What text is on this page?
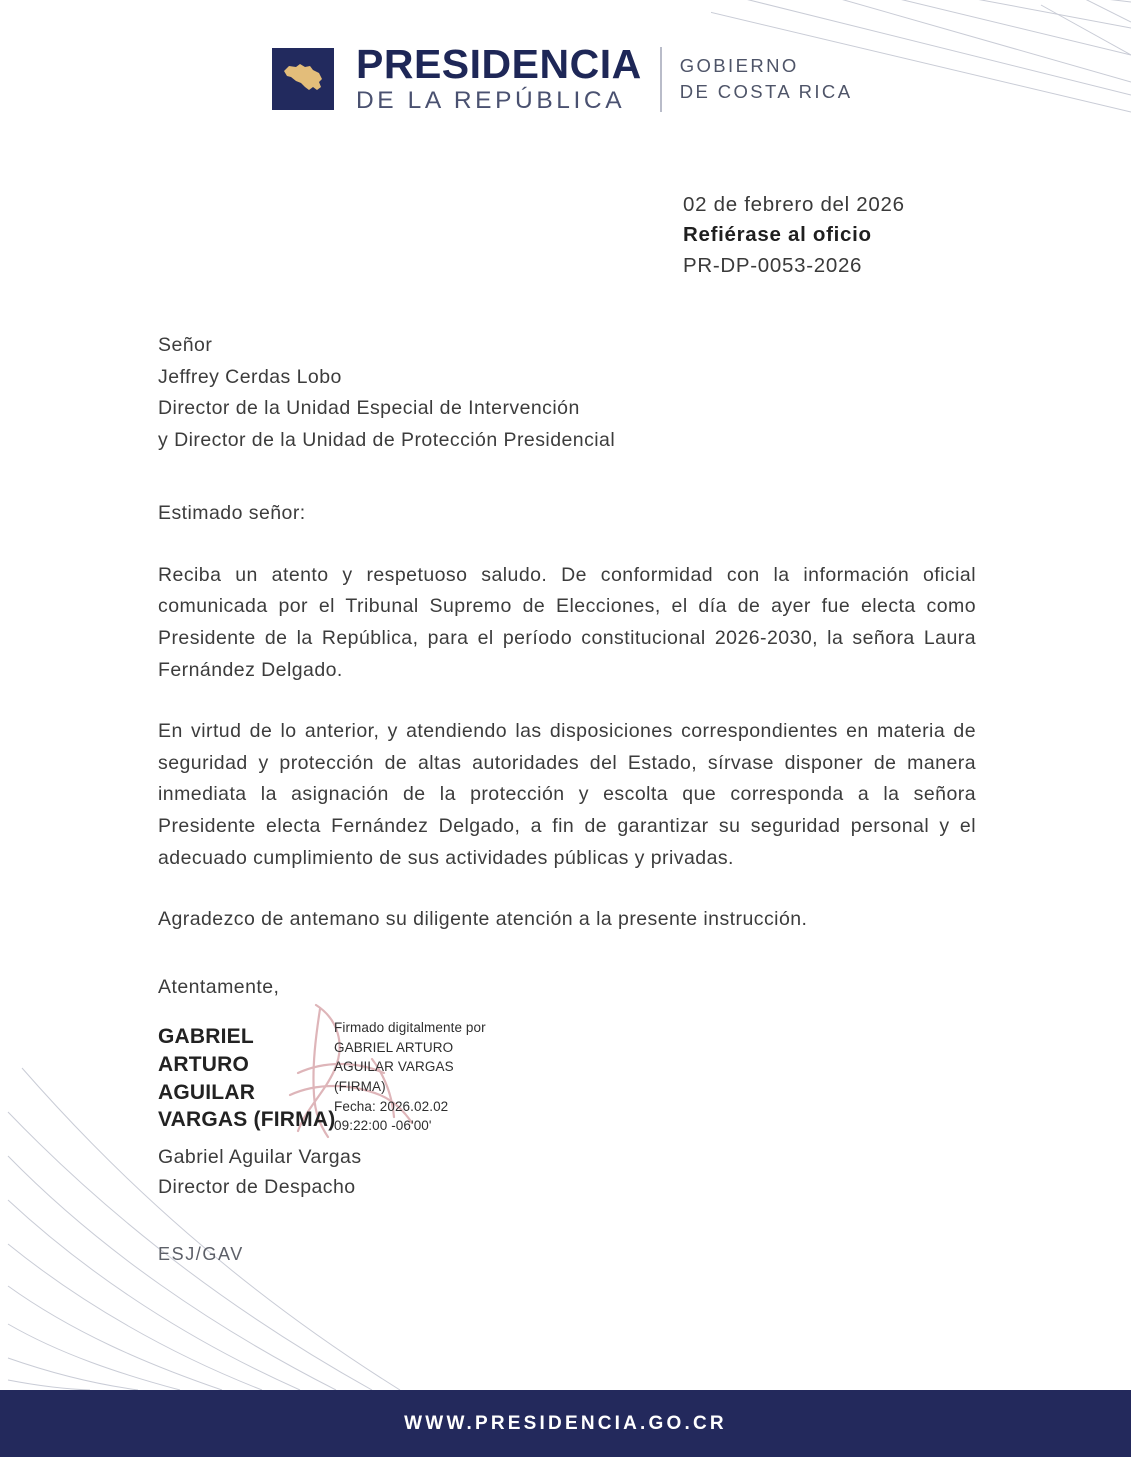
PRESIDENCIA
DE LA REPÚBLICA
GOBIERNO
DE COSTA RICA
02 de febrero del 2026
Refiérase al oficio
PR-DP-0053-2026
Señor
Jeffrey Cerdas Lobo
Director de la Unidad Especial de Intervención
y Director de la Unidad de Protección Presidencial
Estimado señor:

Reciba un atento y respetuoso saludo. De conformidad con la información oficial comunicada por el Tribunal Supremo de Elecciones, el día de ayer fue electa como Presidente de la República, para el período constitucional 2026-2030, la señora Laura Fernández Delgado.

En virtud de lo anterior, y atendiendo las disposiciones correspondientes en materia de seguridad y protección de altas autoridades del Estado, sírvase disponer de manera inmediata la asignación de la protección y escolta que corresponda a la señora Presidente electa Fernández Delgado, a fin de garantizar su seguridad personal y el adecuado cumplimiento de sus actividades públicas y privadas.

Agradezco de antemano su diligente atención a la presente instrucción.

Atentamente,
GABRIEL
ARTURO
AGUILAR
VARGAS (FIRMA)
Firmado digitalmente por
GABRIEL ARTURO
AGUILAR VARGAS
(FIRMA)
Fecha: 2026.02.02
09:22:00 -06'00'
Gabriel Aguilar Vargas
Director de Despacho
ESJ/GAV
WWW.PRESIDENCIA.GO.CR
